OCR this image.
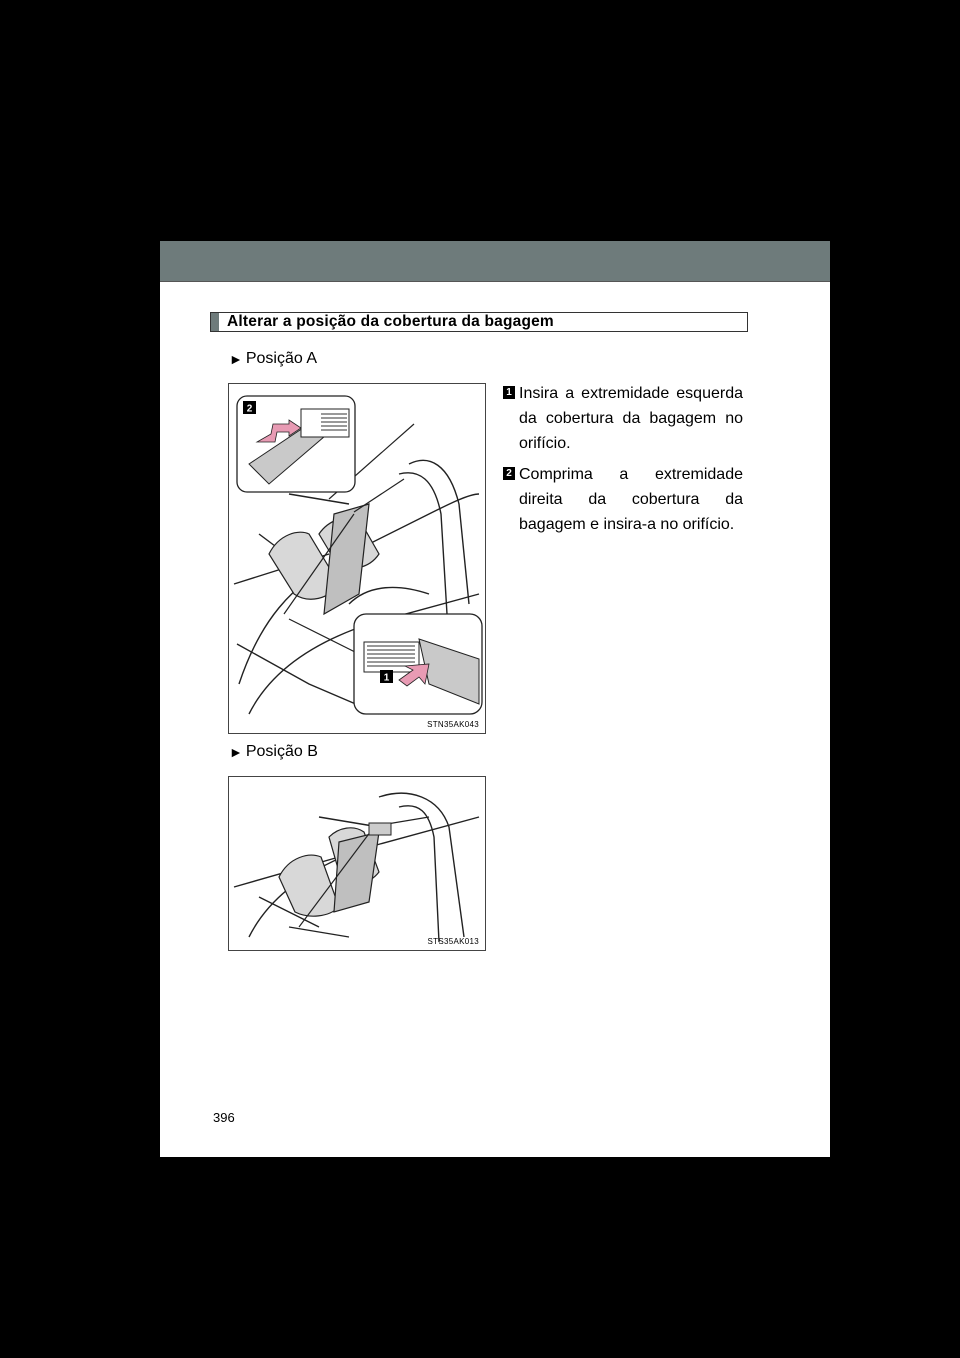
Alterar a posição da cobertura da bagagem
► Posição A
2
1
STN35AK043
► Posição B
STS35AK013
1 Insira a extremidade esquerda da cobertura da bagagem no orifício.
2 Comprima a extremidade direita da cobertura da bagagem e insira-a no orifício.
396
